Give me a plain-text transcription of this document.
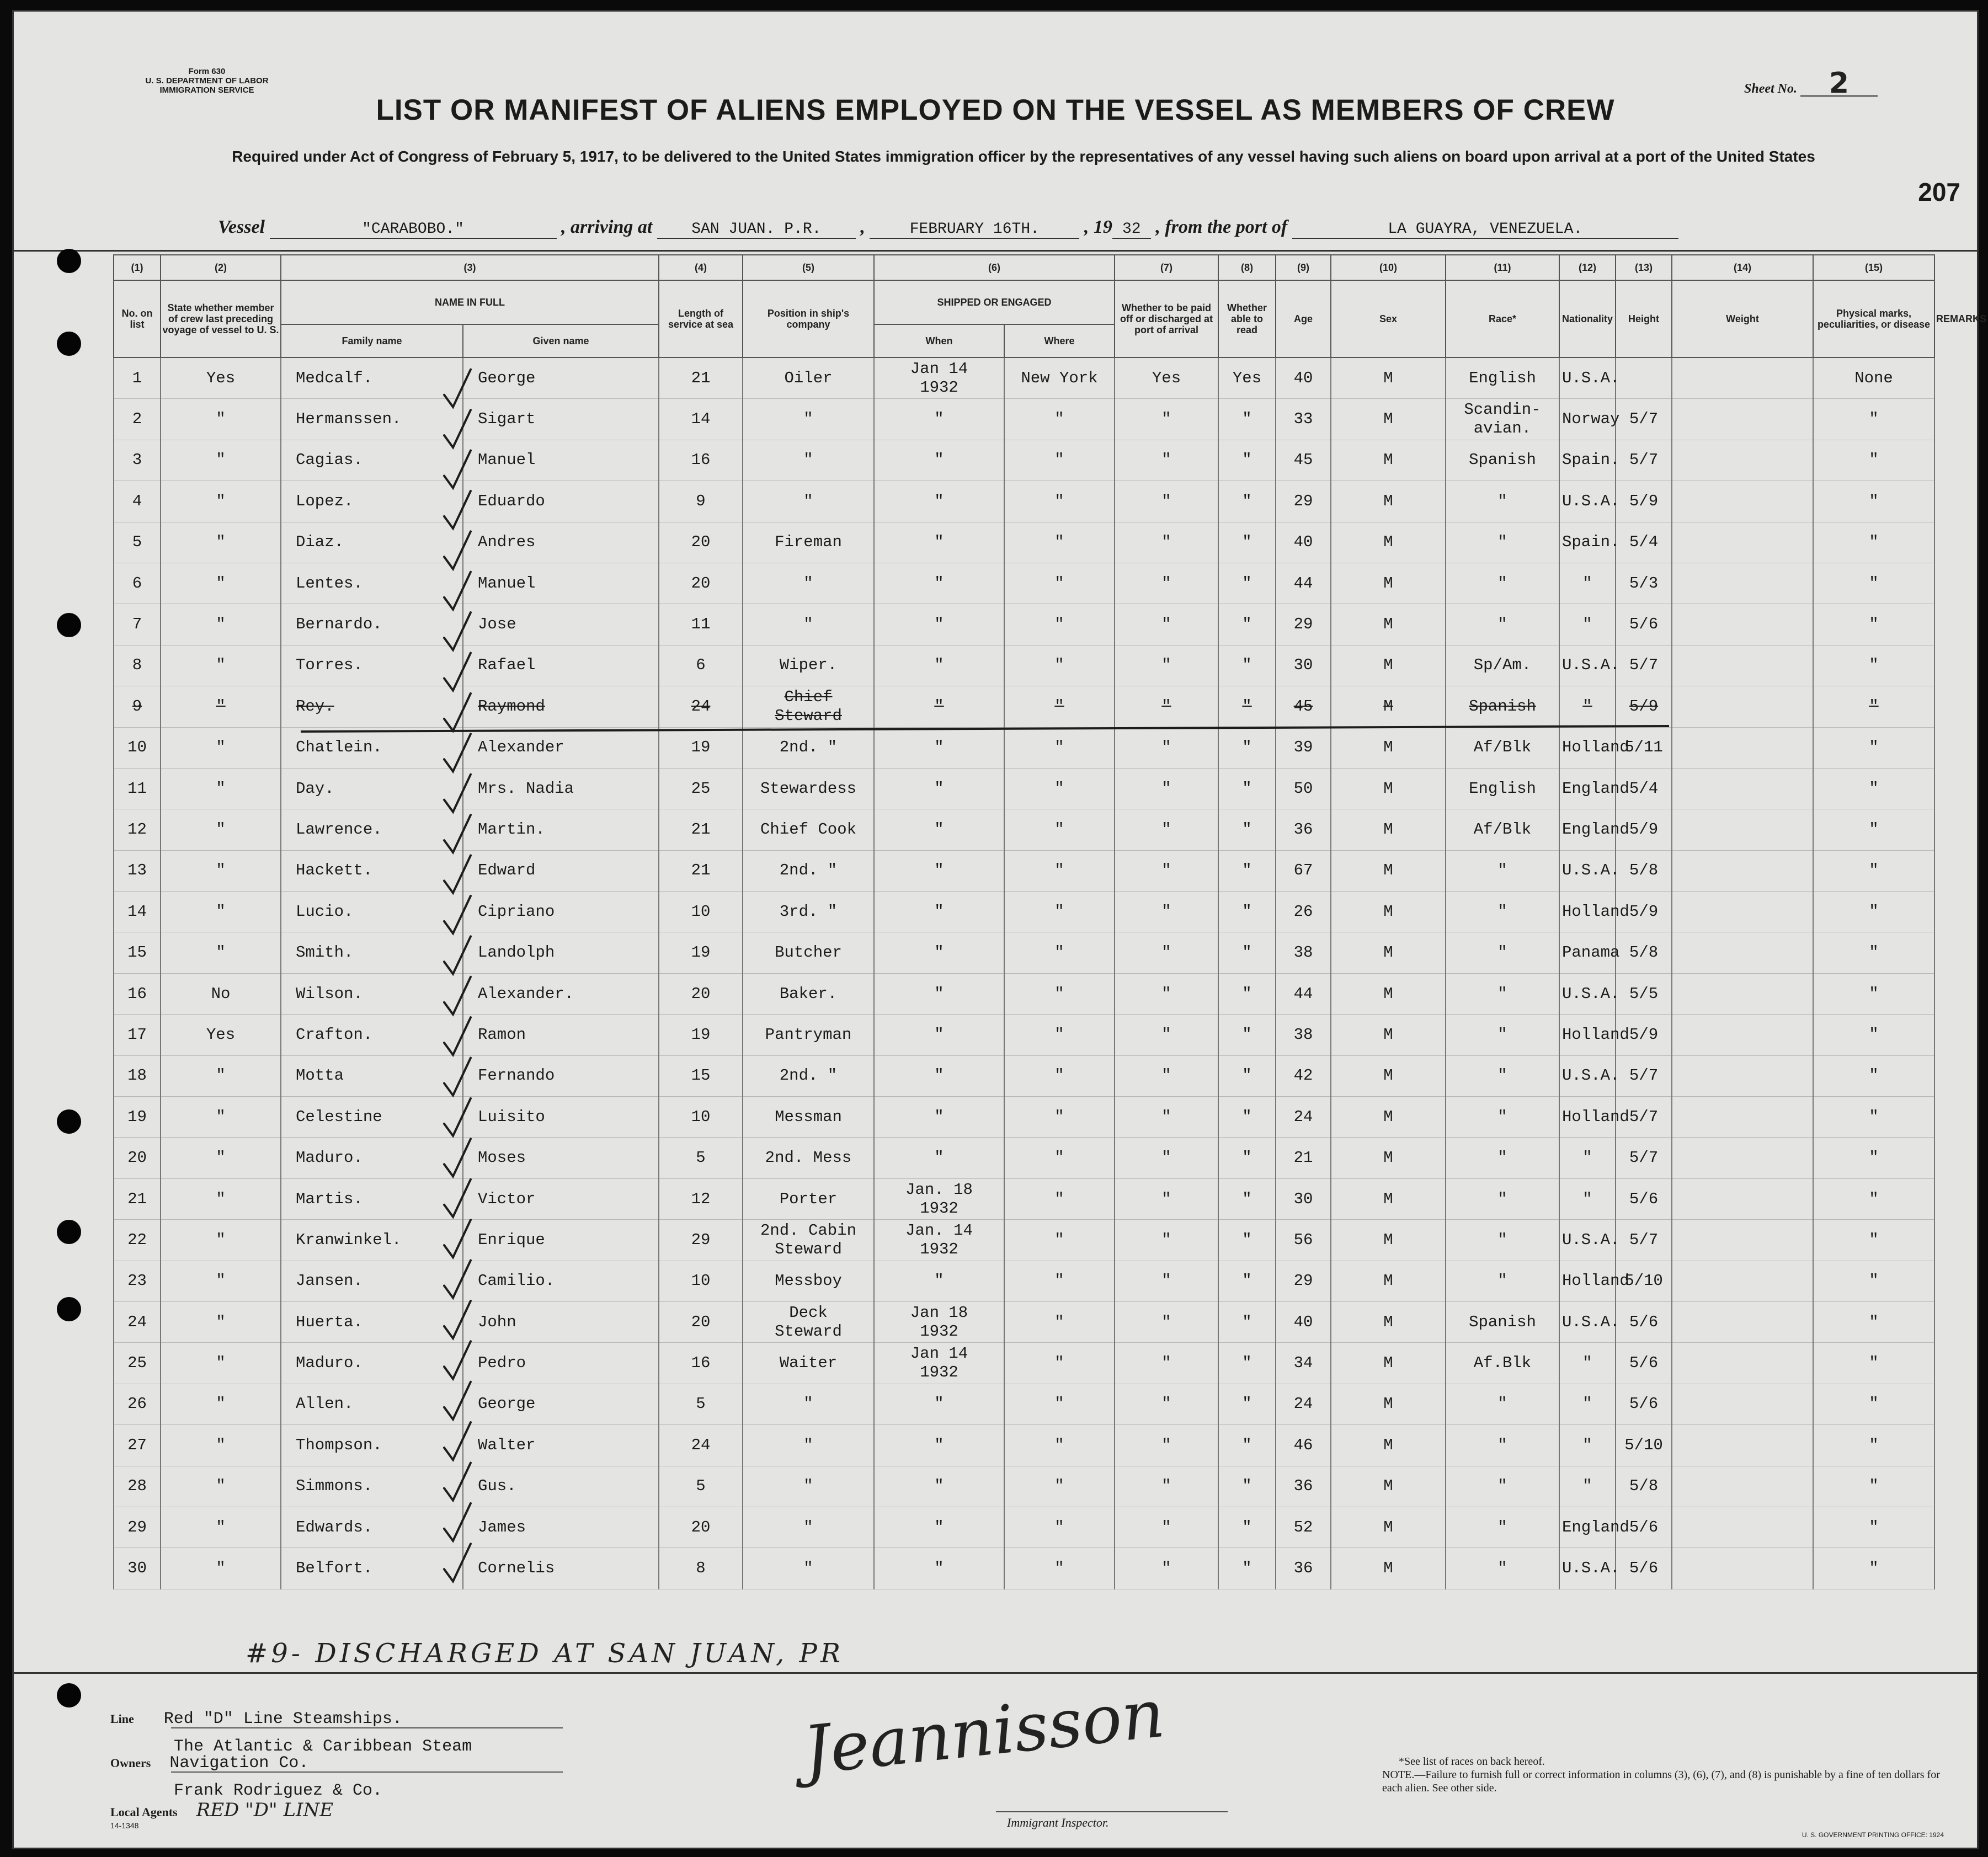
Form 630
U. S. DEPARTMENT OF LABOR
IMMIGRATION SERVICE	Sheet No. 2
LIST OR MANIFEST OF ALIENS EMPLOYED ON THE VESSEL AS MEMBERS OF CREW
Required under Act of Congress of February 5, 1917, to be delivered to the United States immigration officer by the representatives of any vessel having such aliens on board upon arrival at a port of the United States
207
Vessel	"CARABOBO."	, arriving at	SAN JUAN. P.R. ,	FEBRUARY 16TH. , 19 32 , from the port of	LA GUAYRA, VENEZUELA.
(1)	(2)	(3)		(4)	(5)	(6)		(7)	(8)	(9)	(10)	(11)	(12)	(13)	(14)	(15)	
No. on list	State whether member of crew last preceding voyage of vessel to U. S.	NAME IN FULL		Length of service at sea	Position in ship's company	SHIPPED OR ENGAGED		Whether to be paid off or discharged at port of arrival	Whether able to read	Age	Sex	Race*	Nationality	Height	Weight	Physical marks, peculiarities, or disease	REMARKS
		Family name	Given name			When	Where										
1	Yes	Medcalf.	George	21	Oiler	Jan 14
1932	New York	Yes	Yes	40	M	English	U.S.A.			None	
2	"	Hermanssen.	Sigart	14	"	"	"	"	"	33	M	Scandin-
avian.	Norway	5/7		"	
3	"	Cagias.	Manuel	16	"	"	"	"	"	45	M	Spanish	Spain.	5/7		"	
4	"	Lopez.	Eduardo	9	"	"	"	"	"	29	M	"	U.S.A.	5/9		"	
5	"	Diaz.	Andres	20	Fireman	"	"	"	"	40	M	"	Spain.	5/4		"	
6	"	Lentes.	Manuel	20	"	"	"	"	"	44	M	"	"	5/3		"	
7	"	Bernardo.	Jose	11	"	"	"	"	"	29	M	"	"	5/6		"	
8	"	Torres.	Rafael	6	Wiper.	"	"	"	"	30	M	Sp/Am.	U.S.A.	5/7		"	
9	"	Rey.	Raymond	24	Chief
Steward	"	"	"	"	45	M	Spanish	"	5/9		"	
10	"	Chatlein.	Alexander	19	2nd. "	"	"	"	"	39	M	Af/Blk	Holland	5/11		"	
11	"	Day.	Mrs. Nadia	25	Stewardess	"	"	"	"	50	M	English	England	5/4		"	
12	"	Lawrence.	Martin.	21	Chief Cook	"	"	"	"	36	M	Af/Blk	England	5/9		"	
13	"	Hackett.	Edward	21	2nd. "	"	"	"	"	67	M	"	U.S.A.	5/8		"	
14	"	Lucio.	Cipriano	10	3rd. "	"	"	"	"	26	M	"	Holland	5/9		"	
15	"	Smith.	Landolph	19	Butcher	"	"	"	"	38	M	"	Panama	5/8		"	
16	No	Wilson.	Alexander.	20	Baker.	"	"	"	"	44	M	"	U.S.A.	5/5		"	
17	Yes	Crafton.	Ramon	19	Pantryman	"	"	"	"	38	M	"	Holland	5/9		"	
18	"	Motta	Fernando	15	2nd. "	"	"	"	"	42	M	"	U.S.A.	5/7		"	
19	"	Celestine	Luisito	10	Messman	"	"	"	"	24	M	"	Holland	5/7		"	
20	"	Maduro.	Moses	5	2nd. Mess	"	"	"	"	21	M	"	"	5/7		"	
21	"	Martis.	Victor	12	Porter	Jan. 18
1932	"	"	"	30	M	"	"	5/6		"	
22	"	Kranwinkel.	Enrique	29	2nd. Cabin
Steward	Jan. 14
1932	"	"	"	56	M	"	U.S.A.	5/7		"	
23	"	Jansen.	Camilio.	10	Messboy	"	"	"	"	29	M	"	Holland	5/10		"	
24	"	Huerta.	John	20	Deck
Steward	Jan 18
1932	"	"	"	40	M	Spanish	U.S.A.	5/6		"	
25	"	Maduro.	Pedro	16	Waiter	Jan 14
1932	"	"	"	34	M	Af.Blk	"	5/6		"	
26	"	Allen.	George	5	"	"	"	"	"	24	M	"	"	5/6		"	
27	"	Thompson.	Walter	24	"	"	"	"	"	46	M	"	"	5/10		"	
28	"	Simmons.	Gus.	5	"	"	"	"	"	36	M	"	"	5/8		"	
29	"	Edwards.	James	20	"	"	"	"	"	52	M	"	England	5/6		"	
30	"	Belfort.	Cornelis	8	"	"	"	"	"	36	M	"	U.S.A.	5/6		"	
#9- DISCHARGED AT SAN JUAN, PR
Line Red "D" Line Steamships.
The Atlantic & Caribbean Steam
Owners Navigation Co.
Frank Rodriguez & Co.
Local Agents RED "D" LINE
14-1348
Jeannisson
Immigrant Inspector.
*See list of races on back hereof.
NOTE.—Failure to furnish full or correct information in columns (3), (6), (7), and (8) is punishable by a fine of ten dollars for each alien. See other side.
U. S. GOVERNMENT PRINTING OFFICE: 1924
